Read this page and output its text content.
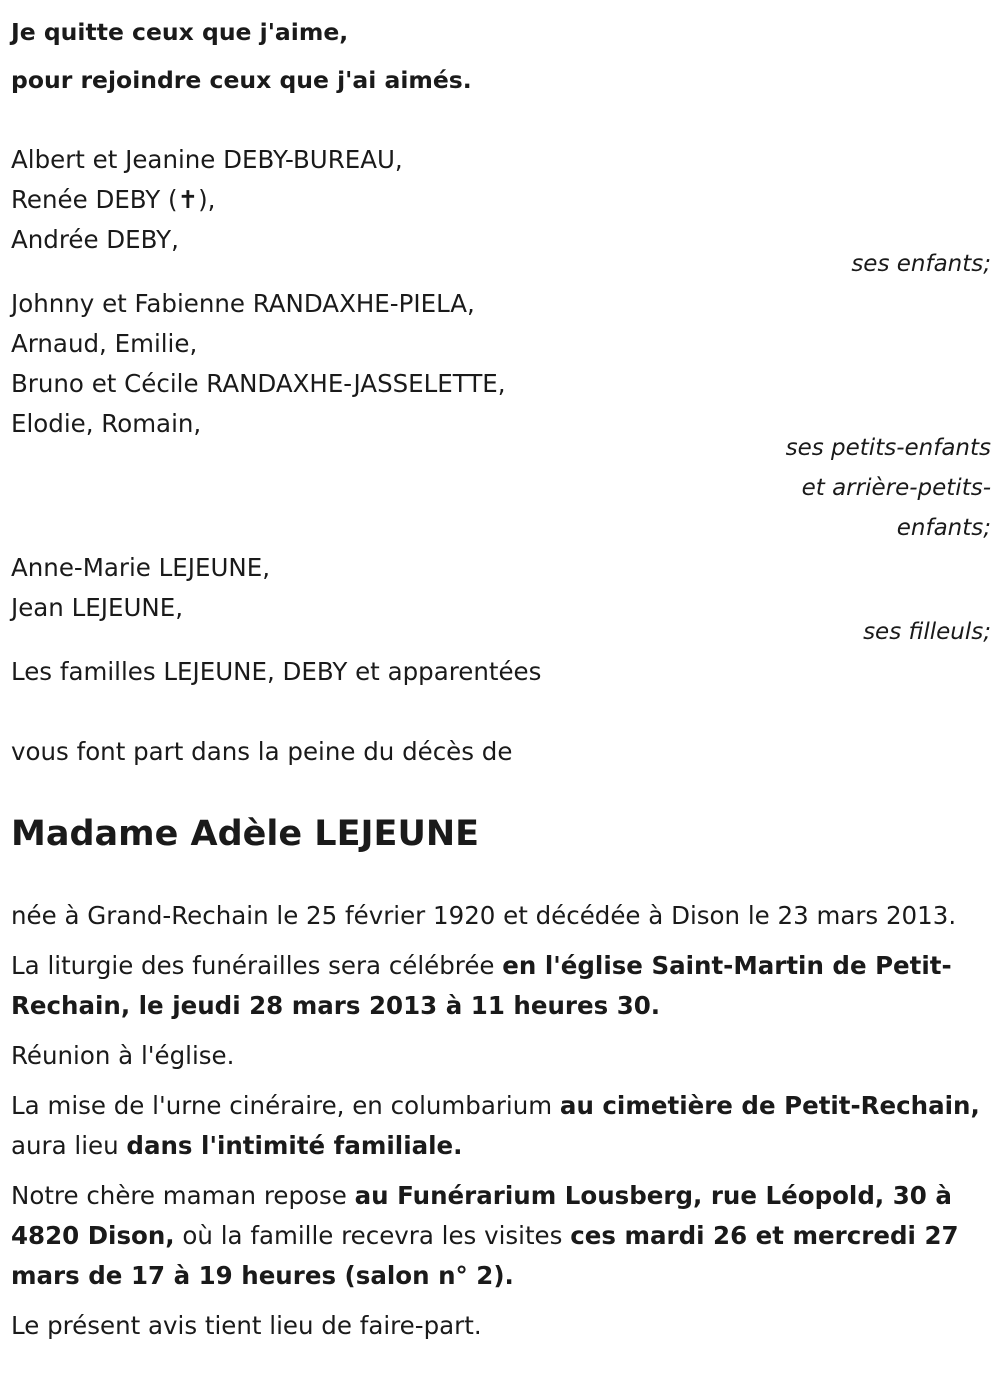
Je quitte ceux que j'aime,
pour rejoindre ceux que j'ai aimés.
Albert et Jeanine DEBY-BUREAU,
Renée DEBY (✝),
Andrée DEBY,
ses enfants;
Johnny et Fabienne RANDAXHE-PIELA,
Arnaud, Emilie,
Bruno et Cécile RANDAXHE-JASSELETTE,
Elodie, Romain,
ses petits-enfants
et arrière-petits-
enfants;
Anne-Marie LEJEUNE,
Jean LEJEUNE,
ses filleuls;
Les familles LEJEUNE, DEBY et apparentées
vous font part dans la peine du décès de
Madame Adèle LEJEUNE
née à Grand-Rechain le 25 février 1920 et décédée à Dison le 23 mars 2013.
La liturgie des funérailles sera célébrée en l'église Saint-Martin de Petit-Rechain, le jeudi 28 mars 2013 à 11 heures 30.
Réunion à l'église.
La mise de l'urne cinéraire, en columbarium au cimetière de Petit-Rechain, aura lieu dans l'intimité familiale.
Notre chère maman repose au Funérarium Lousberg, rue Léopold, 30 à 4820 Dison, où la famille recevra les visites ces mardi 26 et mercredi 27 mars de 17 à 19 heures (salon n° 2).
Le présent avis tient lieu de faire-part.
